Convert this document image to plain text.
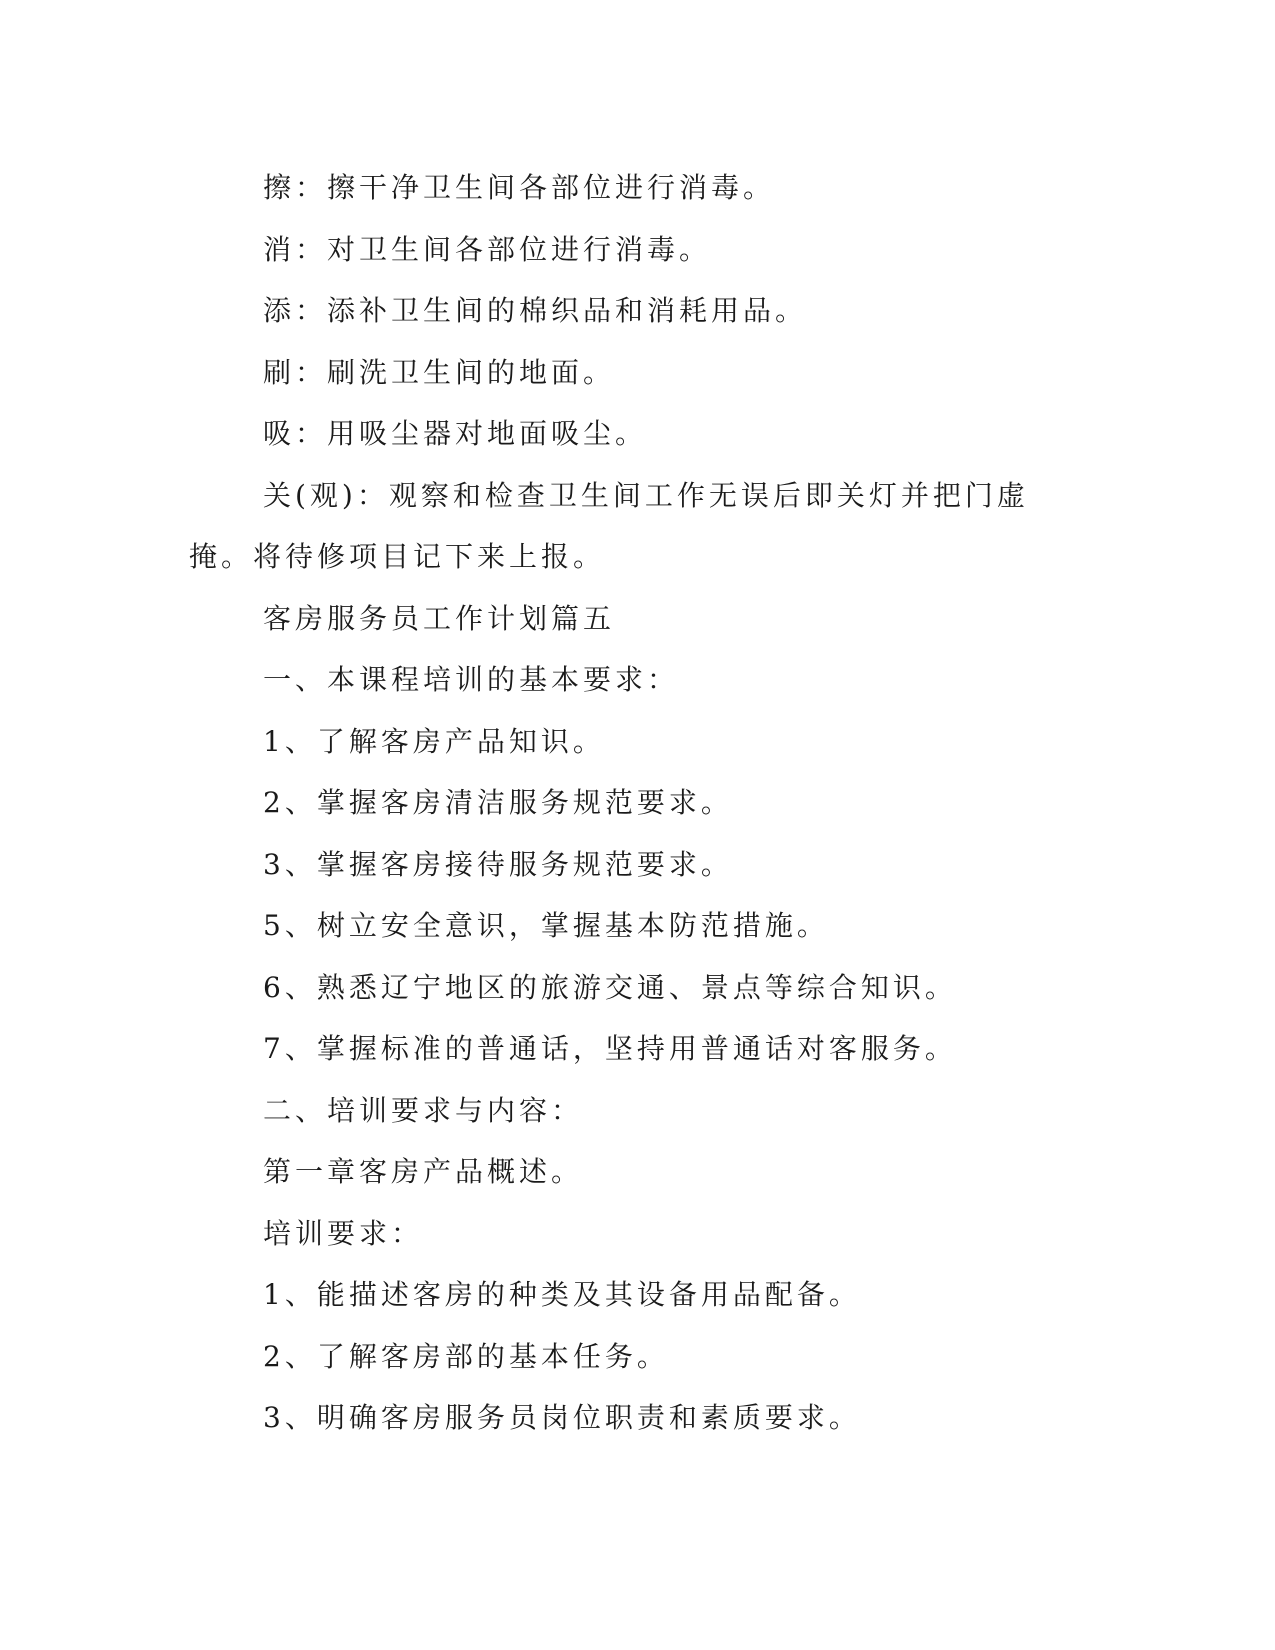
擦：擦干净卫生间各部位进行消毒。

消：对卫生间各部位进行消毒。

添：添补卫生间的棉织品和消耗用品。

刷：刷洗卫生间的地面。

吸：用吸尘器对地面吸尘。

关(观)：观察和检查卫生间工作无误后即关灯并把门虚掩。将待修项目记下来上报。

客房服务员工作计划篇五

一、本课程培训的基本要求：

1、了解客房产品知识。

2、掌握客房清洁服务规范要求。

3、掌握客房接待服务规范要求。

5、树立安全意识，掌握基本防范措施。

6、熟悉辽宁地区的旅游交通、景点等综合知识。

7、掌握标准的普通话，坚持用普通话对客服务。

二、培训要求与内容：

第一章客房产品概述。

培训要求：

1、能描述客房的种类及其设备用品配备。

2、了解客房部的基本任务。

3、明确客房服务员岗位职责和素质要求。
